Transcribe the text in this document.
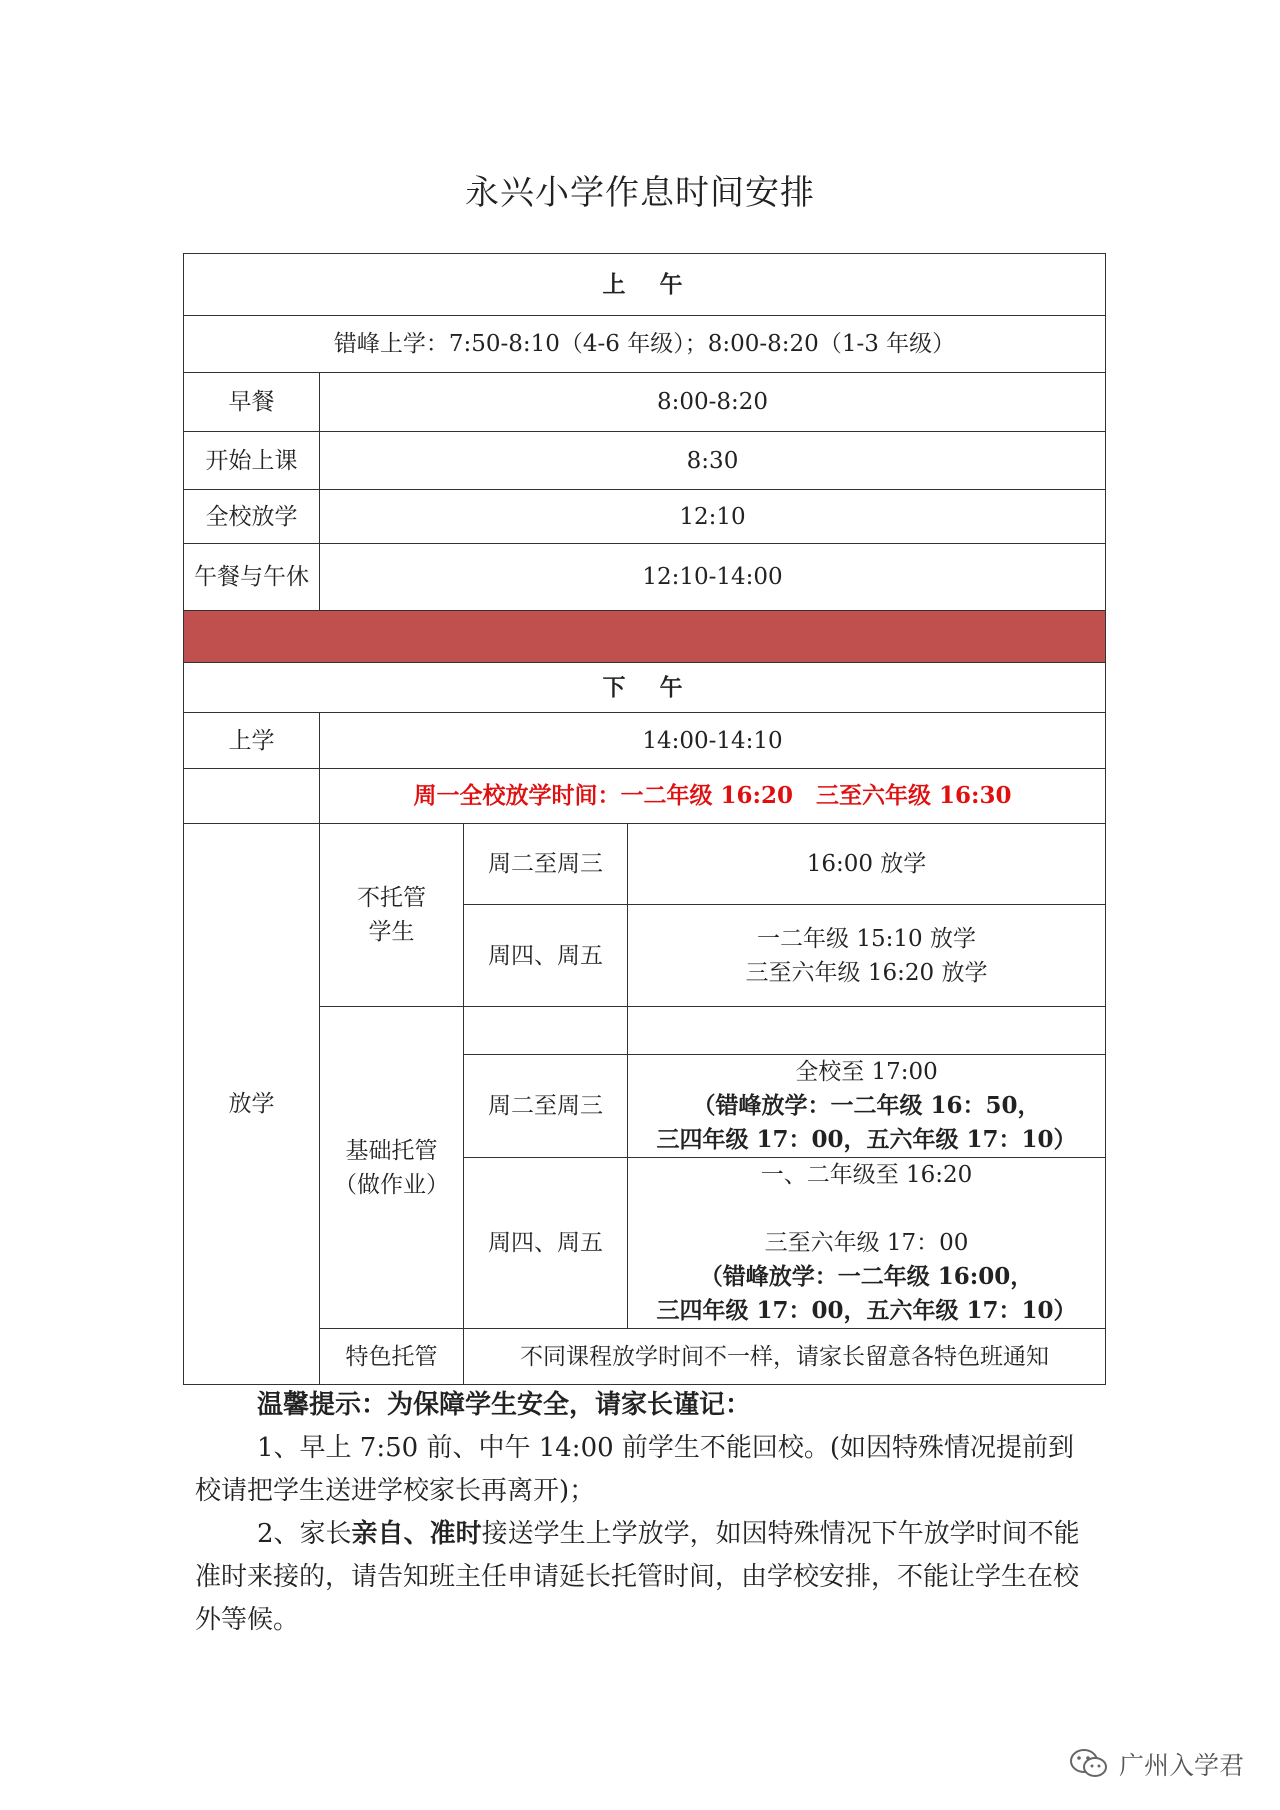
永兴小学作息时间安排
上午			
错峰上学：7:50-8:10（4-6 年级）；8:00-8:20（1-3 年级）			
早餐	8:00-8:20		
开始上课	8:30		
全校放学	12:10		
午餐与午休	12:10-14:00		

下午			
上学	14:00-14:10		
	周一全校放学时间：一二年级 16:20　三至六年级 16:30		
放学	不托管学生	周二至周三	16:00 放学
		周四、周五	一二年级 15:10 放学
三至六年级 16:20 放学

	基础托管
（做作业）		

		周二至周三	全校至 17:00
（错峰放学：一二年级 16：50，
三四年级 17：00，五六年级 17：10）

		周四、周五	一、二年级至 16:20
三至六年级 17：00
（错峰放学：一二年级 16:00，
三四年级 17：00，五六年级 17：10）

	特色托管	不同课程放学时间不一样，请家长留意各特色班通知	

温馨提示：为保障学生安全，请家长谨记：

1、早上 7:50 前、中午 14:00 前学生不能回校。(如因特殊情况提前到校请把学生送进学校家长再离开)；

2、家长亲自、准时接送学生上学放学，如因特殊情况下午放学时间不能准时来接的，请告知班主任申请延长托管时间，由学校安排，不能让学生在校外等候。

广州入学君
